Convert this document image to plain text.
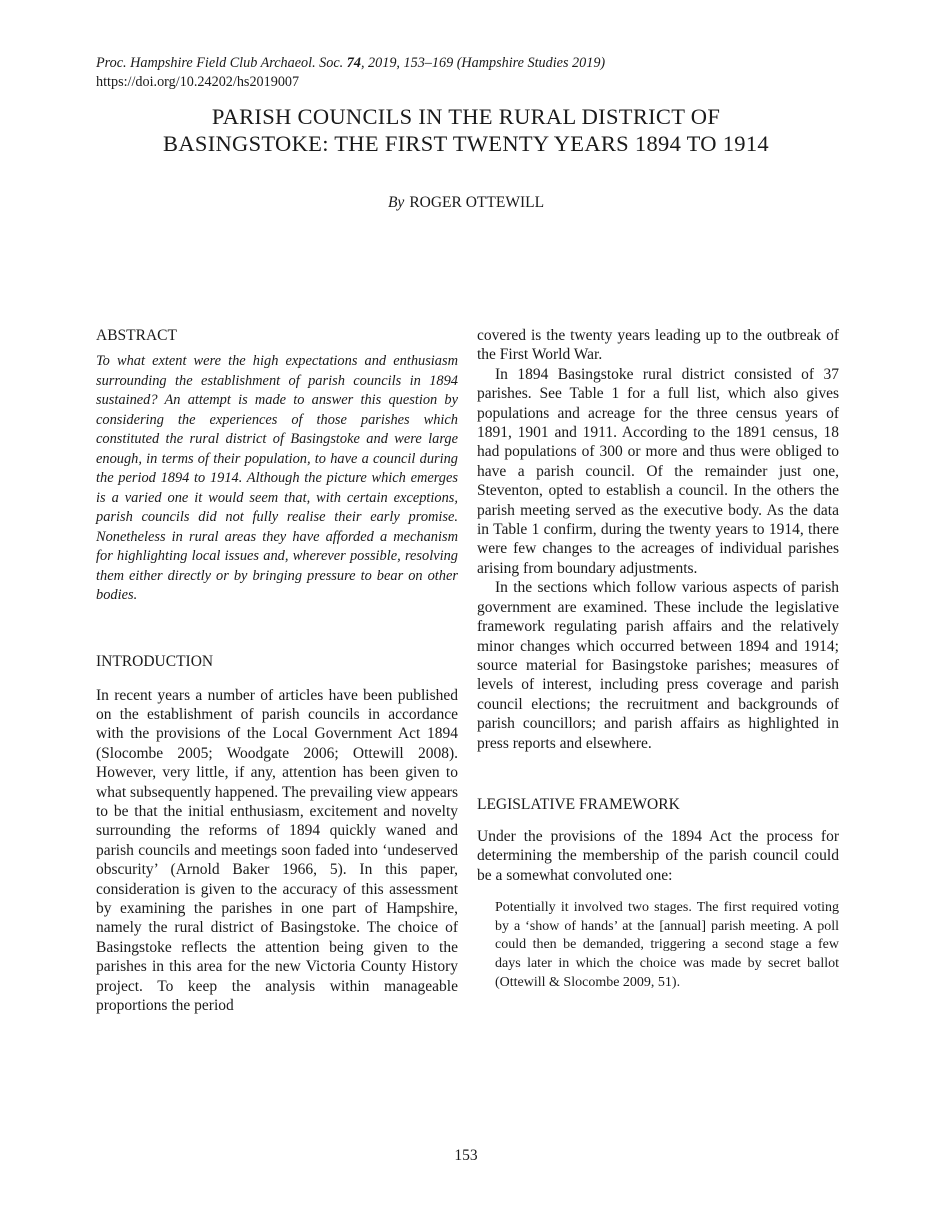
Proc. Hampshire Field Club Archaeol. Soc. 74, 2019, 153–169 (Hampshire Studies 2019)
https://doi.org/10.24202/hs2019007
PARISH COUNCILS IN THE RURAL DISTRICT OF
BASINGSTOKE: THE FIRST TWENTY YEARS 1894 TO 1914
By ROGER OTTEWILL
ABSTRACT

To what extent were the high expectations and enthusiasm surrounding the establishment of parish councils in 1894 sustained? An attempt is made to answer this question by considering the experiences of those parishes which constituted the rural district of Basingstoke and were large enough, in terms of their population, to have a council during the period 1894 to 1914. Although the picture which emerges is a varied one it would seem that, with certain exceptions, parish councils did not fully realise their early promise. Nonetheless in rural areas they have afforded a mechanism for highlighting local issues and, wherever possible, resolving them either directly or by bringing pressure to bear on other bodies.

INTRODUCTION

In recent years a number of articles have been published on the establishment of parish councils in accordance with the provisions of the Local Government Act 1894 (Slocombe 2005; Woodgate 2006; Ottewill 2008). However, very little, if any, attention has been given to what subsequently happened. The prevailing view appears to be that the initial enthusiasm, excitement and novelty surrounding the reforms of 1894 quickly waned and parish councils and meetings soon faded into ‘undeserved obscurity’ (Arnold Baker 1966, 5). In this paper, consideration is given to the accuracy of this assessment by examining the parishes in one part of Hampshire, namely the rural district of Basingstoke. The choice of Basingstoke reflects the attention being given to the parishes in this area for the new Victoria County History project. To keep the analysis within manageable proportions the period

covered is the twenty years leading up to the outbreak of the First World War.

In 1894 Basingstoke rural district consisted of 37 parishes. See Table 1 for a full list, which also gives populations and acreage for the three census years of 1891, 1901 and 1911. According to the 1891 census, 18 had populations of 300 or more and thus were obliged to have a parish council. Of the remainder just one, Steventon, opted to establish a council. In the others the parish meeting served as the executive body. As the data in Table 1 confirm, during the twenty years to 1914, there were few changes to the acreages of individual parishes arising from boundary adjustments.

In the sections which follow various aspects of parish government are examined. These include the legislative framework regulating parish affairs and the relatively minor changes which occurred between 1894 and 1914; source material for Basingstoke parishes; measures of levels of interest, including press coverage and parish council elections; the recruitment and backgrounds of parish councillors; and parish affairs as highlighted in press reports and elsewhere.

LEGISLATIVE FRAMEWORK

Under the provisions of the 1894 Act the process for determining the membership of the parish council could be a somewhat convoluted one:

Potentially it involved two stages. The first required voting by a ‘show of hands’ at the [annual] parish meeting. A poll could then be demanded, triggering a second stage a few days later in which the choice was made by secret ballot (Ottewill & Slocombe 2009, 51).

153
